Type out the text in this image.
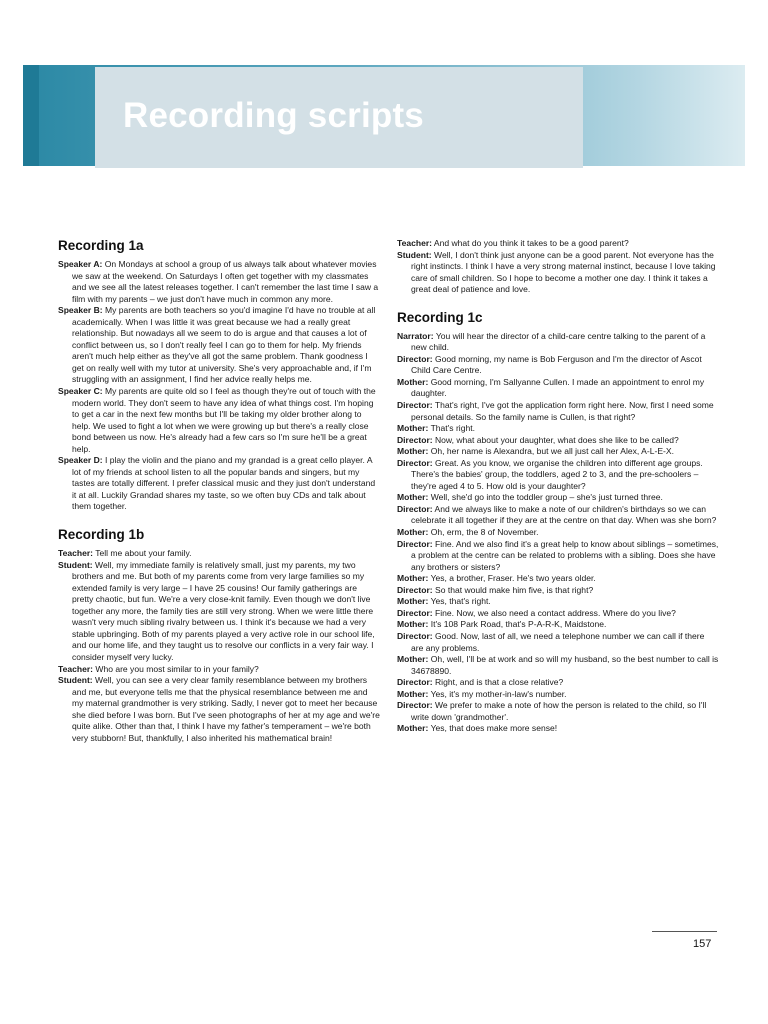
Recording scripts
Recording 1a

Speaker A: On Mondays at school a group of us always talk about whatever movies we saw at the weekend. On Saturdays I often get together with my classmates and we see all the latest releases together. I can't remember the last time I saw a film with my parents – we just don't have much in common any more.

Speaker B: My parents are both teachers so you'd imagine I'd have no trouble at all academically. When I was little it was great because we had a really great relationship. But nowadays all we seem to do is argue and that causes a lot of conflict between us, so I don't really feel I can go to them for help. My friends aren't much help either as they've all got the same problem. Thank goodness I get on really well with my tutor at university. She's very approachable and, if I'm struggling with an assignment, I find her advice really helps me.

Speaker C: My parents are quite old so I feel as though they're out of touch with the modern world. They don't seem to have any idea of what things cost. I'm hoping to get a car in the next few months but I'll be taking my older brother along to help. We used to fight a lot when we were growing up but there's a really close bond between us now. He's already had a few cars so I'm sure he'll be a great help.

Speaker D: I play the violin and the piano and my grandad is a great cello player. A lot of my friends at school listen to all the popular bands and singers, but my tastes are totally different. I prefer classical music and they just don't understand it at all. Luckily Grandad shares my taste, so we often buy CDs and talk about them together.

Recording 1b

Teacher: Tell me about your family.

Student: Well, my immediate family is relatively small, just my parents, my two brothers and me. But both of my parents come from very large families so my extended family is very large – I have 25 cousins! Our family gatherings are pretty chaotic, but fun. We're a very close-knit family. Even though we don't live together any more, the family ties are still very strong. When we were little there wasn't very much sibling rivalry between us. I think it's because we had a very stable upbringing. Both of my parents played a very active role in our school life, and our home life, and they taught us to resolve our conflicts in a very fair way. I consider myself very lucky.

Teacher: Who are you most similar to in your family?

Student: Well, you can see a very clear family resemblance between my brothers and me, but everyone tells me that the physical resemblance between me and my maternal grandmother is very striking. Sadly, I never got to meet her because she died before I was born. But I've seen photographs of her at my age and we're quite alike. Other than that, I think I have my father's temperament – we're both very stubborn! But, thankfully, I also inherited his mathematical brain!

Teacher: And what do you think it takes to be a good parent?

Student: Well, I don't think just anyone can be a good parent. Not everyone has the right instincts. I think I have a very strong maternal instinct, because I love taking care of small children. So I hope to become a mother one day. I think it takes a great deal of patience and love.

Recording 1c

Narrator: You will hear the director of a child-care centre talking to the parent of a new child.

Director: Good morning, my name is Bob Ferguson and I'm the director of Ascot Child Care Centre.

Mother: Good morning, I'm Sallyanne Cullen. I made an appointment to enrol my daughter.

Director: That's right, I've got the application form right here. Now, first I need some personal details. So the family name is Cullen, is that right?

Mother: That's right.

Director: Now, what about your daughter, what does she like to be called?

Mother: Oh, her name is Alexandra, but we all just call her Alex, A-L-E-X.

Director: Great. As you know, we organise the children into different age groups. There's the babies' group, the toddlers, aged 2 to 3, and the pre-schoolers – they're aged 4 to 5. How old is your daughter?

Mother: Well, she'd go into the toddler group – she's just turned three.

Director: And we always like to make a note of our children's birthdays so we can celebrate it all together if they are at the centre on that day. When was she born?

Mother: Oh, erm, the 8 of November.

Director: Fine. And we also find it's a great help to know about siblings – sometimes, a problem at the centre can be related to problems with a sibling. Does she have any brothers or sisters?

Mother: Yes, a brother, Fraser. He's two years older.

Director: So that would make him five, is that right?

Mother: Yes, that's right.

Director: Fine. Now, we also need a contact address. Where do you live?

Mother: It's 108 Park Road, that's P-A-R-K, Maidstone.

Director: Good. Now, last of all, we need a telephone number we can call if there are any problems.

Mother: Oh, well, I'll be at work and so will my husband, so the best number to call is 34678890.

Director: Right, and is that a close relative?

Mother: Yes, it's my mother-in-law's number.

Director: We prefer to make a note of how the person is related to the child, so I'll write down 'grandmother'.

Mother: Yes, that does make more sense!

157
